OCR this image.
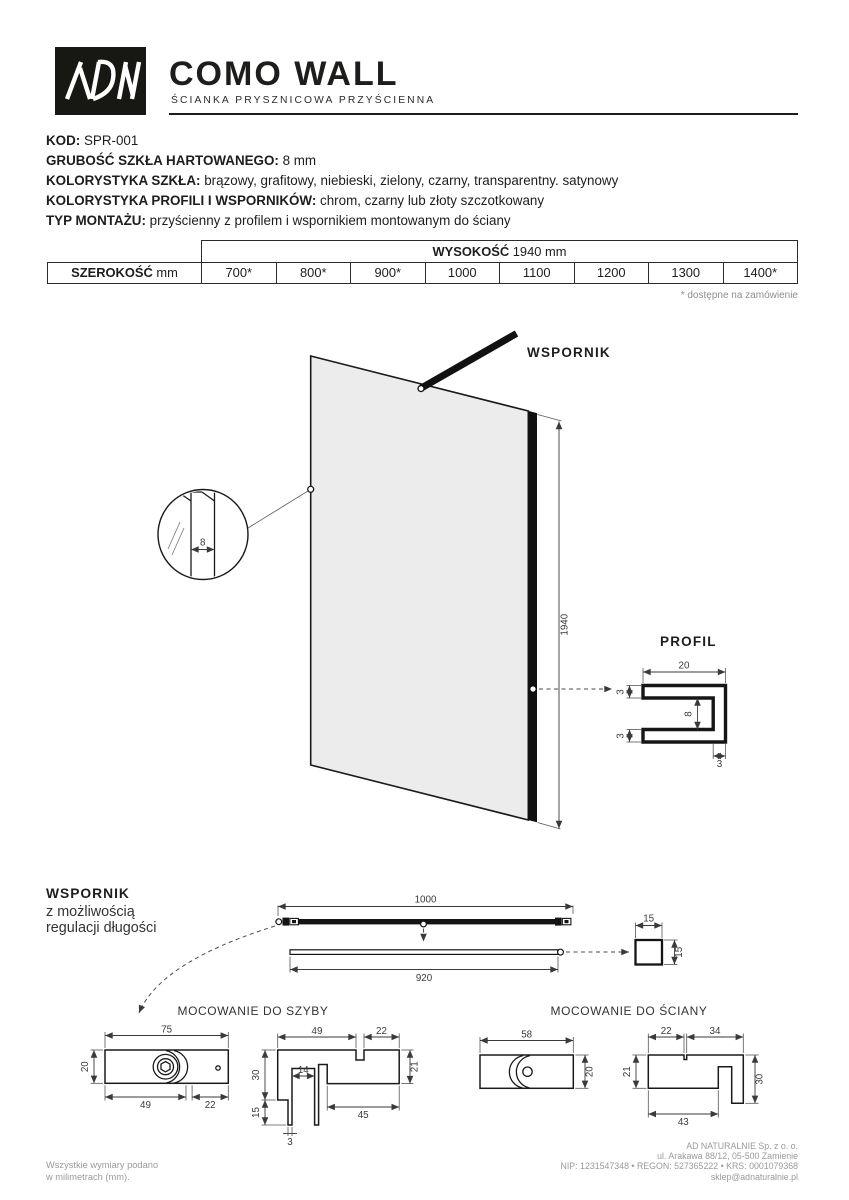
COMO WALL
ŚCIANKA PRYSZNICOWA PRZYŚCIENNA
KOD: SPR-001
GRUBOŚĆ SZKŁA HARTOWANEGO: 8 mm
KOLORYSTYKA SZKŁA: brązowy, grafitowy, niebieski, zielony, czarny, transparentny. satynowy
KOLORYSTYKA PROFILI I WSPORNIKÓW: chrom, czarny lub złoty szczotkowany
TYP MONTAŻU: przyścienny z profilem i wspornikiem montowanym do ściany
	WYSOKOŚĆ 1940 mm							
SZEROKOŚĆ mm	700*	800*	900*	1000	1100	1200	1300	1400*
* dostępne na zamówienie
WSPORNIK
z możliwością
regulacji długości
WSPORNIK
1940
8
PROFIL
20
3
3
8
3
1000
920
15
15
MOCOWANIE DO SZYBY
75
20
49	22
49	22
30
15
14
45
21
3
MOCOWANIE DO ŚCIANY
58
20
22	34
21
43
30
Wszystkie wymiary podano
w milimetrach (mm).
AD NATURALNIE Sp. z o. o.
ul. Arakawa 88/12, 05-500 Zamienie
NIP: 1231547348 • REGON: 527365222 • KRS: 0001079368
sklep@adnaturalnie.pl
